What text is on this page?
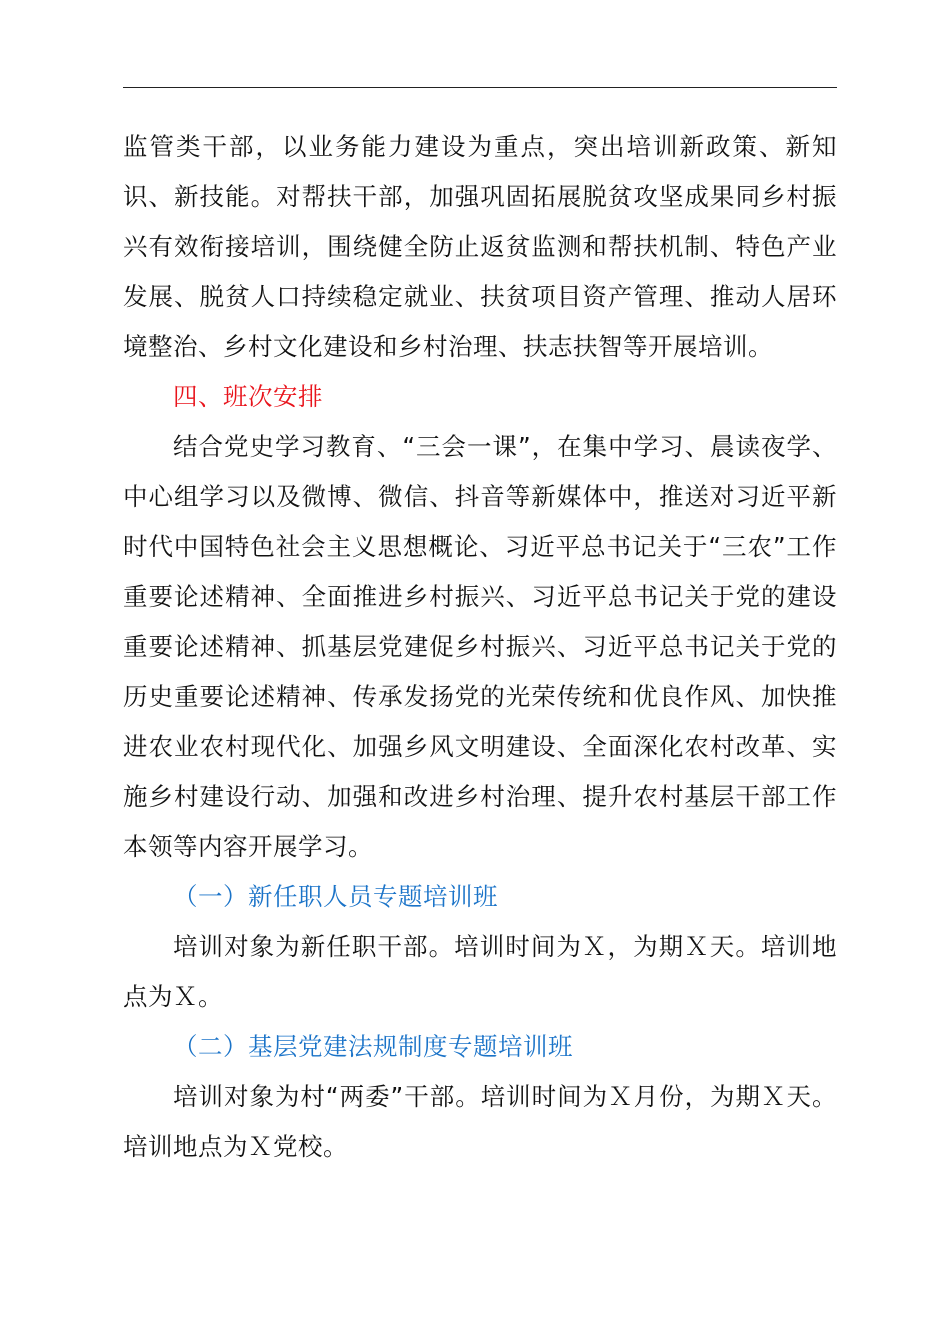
监管类干部，以业务能力建设为重点，突出培训新政策、新知识、新技能。对帮扶干部，加强巩固拓展脱贫攻坚成果同乡村振兴有效衔接培训，围绕健全防止返贫监测和帮扶机制、特色产业发展、脱贫人口持续稳定就业、扶贫项目资产管理、推动人居环境整治、乡村文化建设和乡村治理、扶志扶智等开展培训。

四、班次安排

结合党史学习教育、“三会一课”，在集中学习、晨读夜学、中心组学习以及微博、微信、抖音等新媒体中，推送对习近平新时代中国特色社会主义思想概论、习近平总书记关于“三农”工作重要论述精神、全面推进乡村振兴、习近平总书记关于党的建设重要论述精神、抓基层党建促乡村振兴、习近平总书记关于党的历史重要论述精神、传承发扬党的光荣传统和优良作风、加快推进农业农村现代化、加强乡风文明建设、全面深化农村改革、实施乡村建设行动、加强和改进乡村治理、提升农村基层干部工作本领等内容开展学习。

（一）新任职人员专题培训班

培训对象为新任职干部。培训时间为Ｘ，为期Ｘ天。培训地点为Ｘ。

（二）基层党建法规制度专题培训班

培训对象为村“两委”干部。培训时间为Ｘ月份，为期Ｘ天。培训地点为Ｘ党校。
